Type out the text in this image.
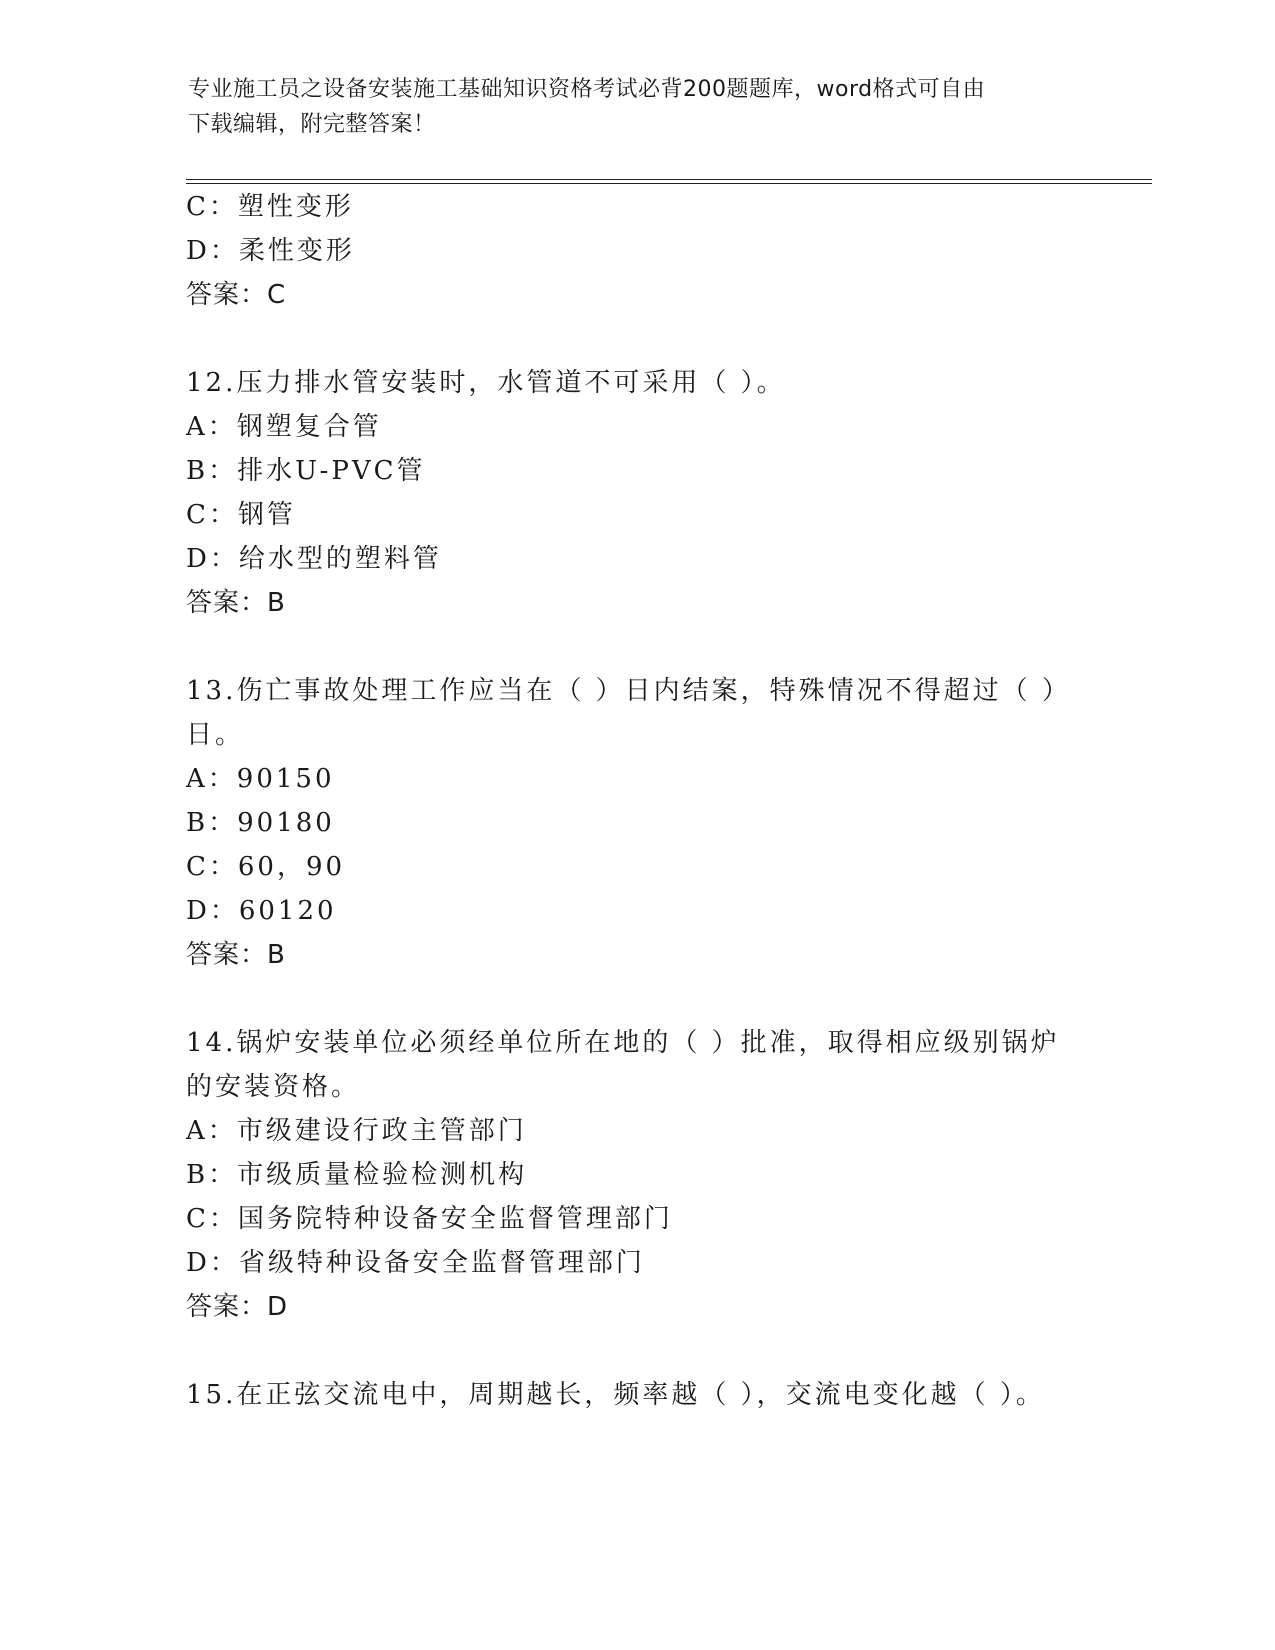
专业施工员之设备安装施工基础知识资格考试必背200题题库，word格式可自由
下载编辑，附完整答案！
C：塑性变形
D：柔性变形
答案：C
12.压力排水管安装时，水管道不可采用（ ）。
A：钢塑复合管
B：排水U-PVC管
C：钢管
D：给水型的塑料管
答案：B
13.伤亡事故处理工作应当在（ ）日内结案，特殊情况不得超过（ ）
日。
A：90150
B：90180
C：60，90
D：60120
答案：B
14.锅炉安装单位必须经单位所在地的（ ）批准，取得相应级别锅炉
的安装资格。
A：市级建设行政主管部门
B：市级质量检验检测机构
C：国务院特种设备安全监督管理部门
D：省级特种设备安全监督管理部门
答案：D
15.在正弦交流电中，周期越长，频率越（ ），交流电变化越（ ）。
